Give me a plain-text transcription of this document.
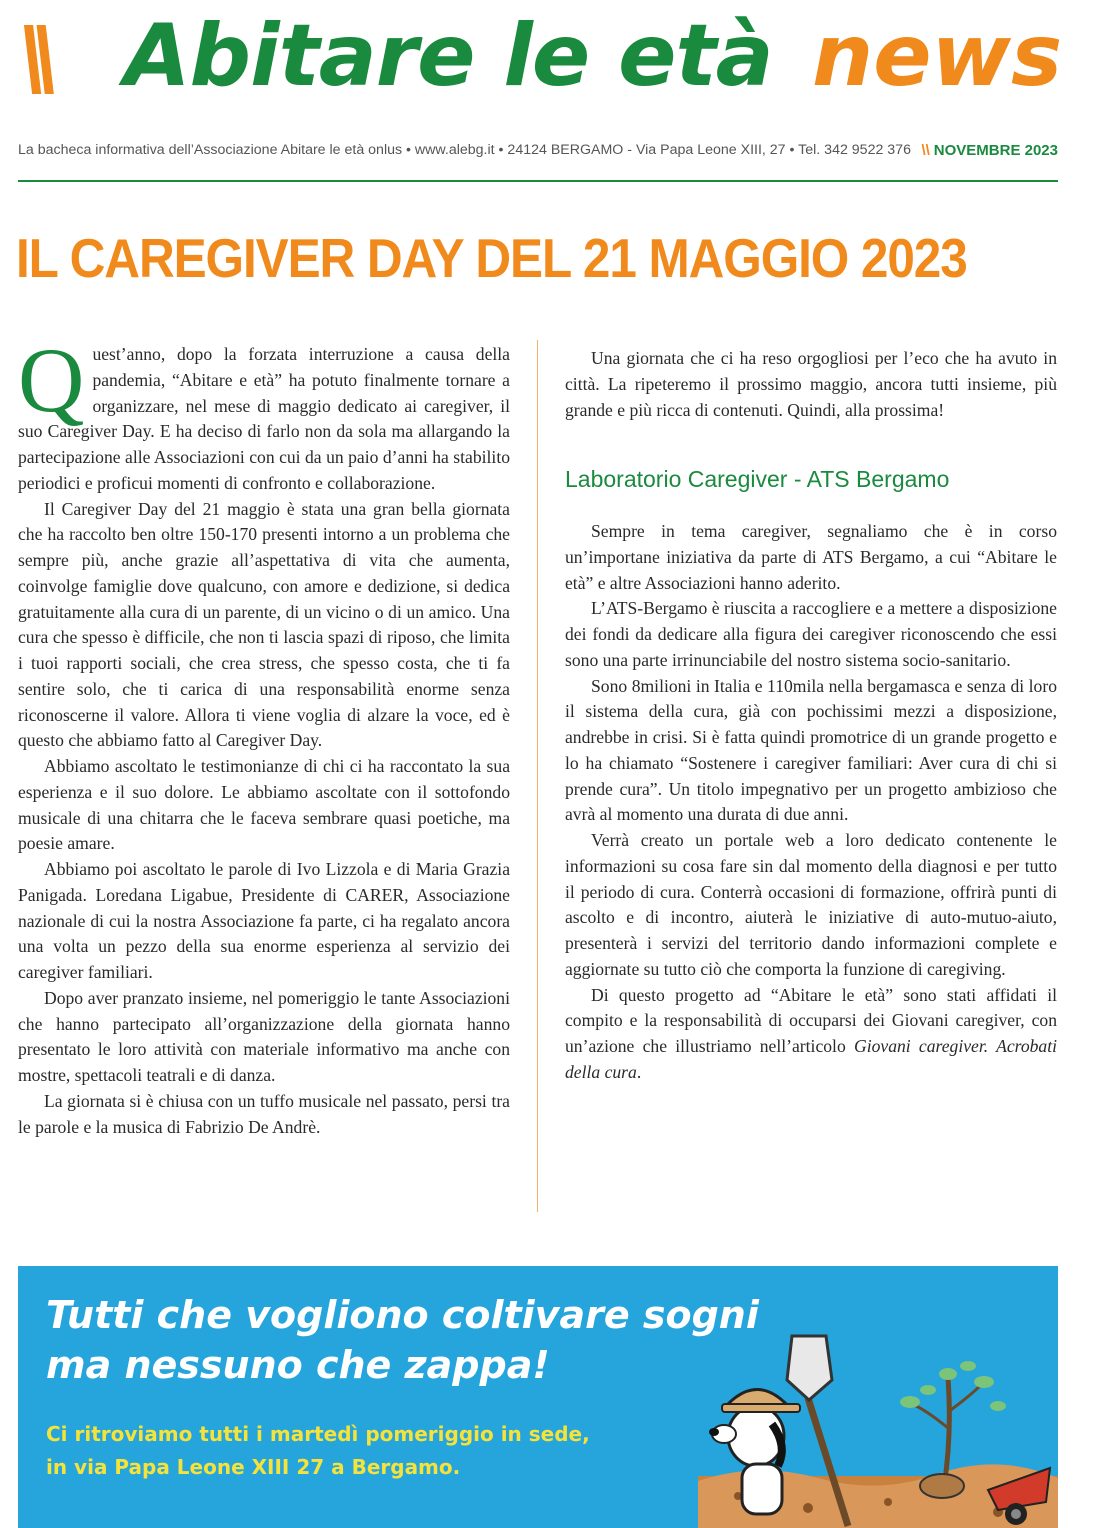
\\ Abitare le età news
La bacheca informativa dell’Associazione Abitare le età onlus • www.alebg.it • 24124 BERGAMO - Via Papa Leone XIII, 27 • Tel. 342 9522 376 \\ NOVEMBRE 2023
IL CAREGIVER DAY DEL 21 MAGGIO 2023

Quest’anno, dopo la forzata interruzione a causa della pandemia, “Abitare e età” ha potuto finalmente tornare a organizzare, nel mese di maggio dedicato ai caregiver, il suo Caregiver Day. E ha deciso di farlo non da sola ma allargando la partecipazione alle Associazioni con cui da un paio d’anni ha stabilito periodici e proficui momenti di confronto e collaborazione.

Il Caregiver Day del 21 maggio è stata una gran bella giornata che ha raccolto ben oltre 150-170 presenti intorno a un problema che sempre più, anche grazie all’aspettativa di vita che aumenta, coinvolge famiglie dove qualcuno, con amore e dedizione, si dedica gratuitamente alla cura di un parente, di un vicino o di un amico. Una cura che spesso è difficile, che non ti lascia spazi di riposo, che limita i tuoi rapporti sociali, che crea stress, che spesso costa, che ti fa sentire solo, che ti carica di una responsabilità enorme senza riconoscerne il valore. Allora ti viene voglia di alzare la voce, ed è questo che abbiamo fatto al Caregiver Day.

Abbiamo ascoltato le testimonianze di chi ci ha raccontato la sua esperienza e il suo dolore. Le abbiamo ascoltate con il sottofondo musicale di una chitarra che le faceva sembrare quasi poetiche, ma poesie amare.

Abbiamo poi ascoltato le parole di Ivo Lizzola e di Maria Grazia Panigada. Loredana Ligabue, Presidente di CARER, Associazione nazionale di cui la nostra Associazione fa parte, ci ha regalato ancora una volta un pezzo della sua enorme esperienza al servizio dei caregiver familiari.

Dopo aver pranzato insieme, nel pomeriggio le tante Associazioni che hanno partecipato all’organizzazione della giornata hanno presentato le loro attività con materiale informativo ma anche con mostre, spettacoli teatrali e di danza.

La giornata si è chiusa con un tuffo musicale nel passato, persi tra le parole e la musica di Fabrizio De Andrè.

Una giornata che ci ha reso orgogliosi per l’eco che ha avuto in città. La ripeteremo il prossimo maggio, ancora tutti insieme, più grande e più ricca di contenuti. Quindi, alla prossima!

Laboratorio Caregiver - ATS Bergamo

Sempre in tema caregiver, segnaliamo che è in corso un’importane iniziativa da parte di ATS Bergamo, a cui “Abitare le età” e altre Associazioni hanno aderito.

L’ATS-Bergamo è riuscita a raccogliere e a mettere a disposizione dei fondi da dedicare alla figura dei caregiver riconoscendo che essi sono una parte irrinunciabile del nostro sistema socio-sanitario.

Sono 8milioni in Italia e 110mila nella bergamasca e senza di loro il sistema della cura, già con pochissimi mezzi a disposizione, andrebbe in crisi. Si è fatta quindi promotrice di un grande progetto e lo ha chiamato “Sostenere i caregiver familiari: Aver cura di chi si prende cura”. Un titolo impegnativo per un progetto ambizioso che avrà al momento una durata di due anni.

Verrà creato un portale web a loro dedicato contenente le informazioni su cosa fare sin dal momento della diagnosi e per tutto il periodo di cura. Conterrà occasioni di formazione, offrirà punti di ascolto e di incontro, aiuterà le iniziative di auto-mutuo-aiuto, presenterà i servizi del territorio dando informazioni complete e aggiornate su tutto ciò che comporta la funzione di caregiving.

Di questo progetto ad “Abitare le età” sono stati affidati il compito e la responsabilità di occuparsi dei Giovani caregiver, con un’azione che illustriamo nell’articolo Giovani caregiver. Acrobati della cura.

Tutti che vogliono coltivare sogni
ma nessuno che zappa!
Ci ritroviamo tutti i martedì pomeriggio in sede,
in via Papa Leone XIII 27 a Bergamo.
